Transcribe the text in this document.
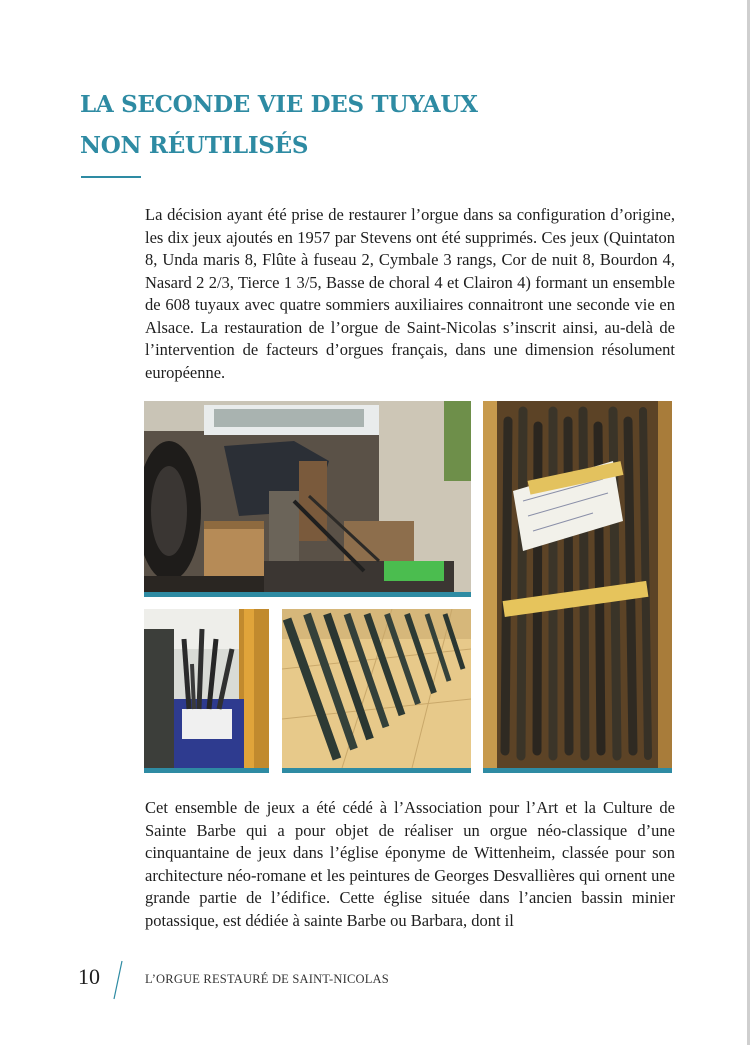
LA SECONDE VIE DES TUYAUX
NON RÉUTILISÉS

La décision ayant été prise de restaurer l’orgue dans sa configuration d’origine, les dix jeux ajoutés en 1957 par Stevens ont été supprimés. Ces jeux (Quintaton 8, Unda maris 8, Flûte à fuseau 2, Cymbale 3 rangs, Cor de nuit 8, Bourdon 4, Nasard 2 2/3, Tierce 1 3/5, Basse de choral 4 et Clairon 4) formant un ensemble de 608 tuyaux avec quatre sommiers auxiliaires connaitront une seconde vie en Alsace. La restauration de l’orgue de Saint-Nicolas s’inscrit ainsi, au-delà de l’intervention de facteurs d’orgues français, dans une dimension résolument européenne.

Cet ensemble de jeux a été cédé à l’Association pour l’Art et la Culture de Sainte Barbe qui a pour objet de réaliser un orgue néo-classique d’une cinquantaine de jeux dans l’église éponyme de Wittenheim, classée pour son architecture néo-romane et les peintures de Georges Desvallières qui ornent une grande partie de l’édifice. Cette église située dans l’ancien bassin minier potassique, est dédiée à sainte Barbe ou Barbara, dont il

10	L’ORGUE RESTAURÉ DE SAINT-NICOLAS
